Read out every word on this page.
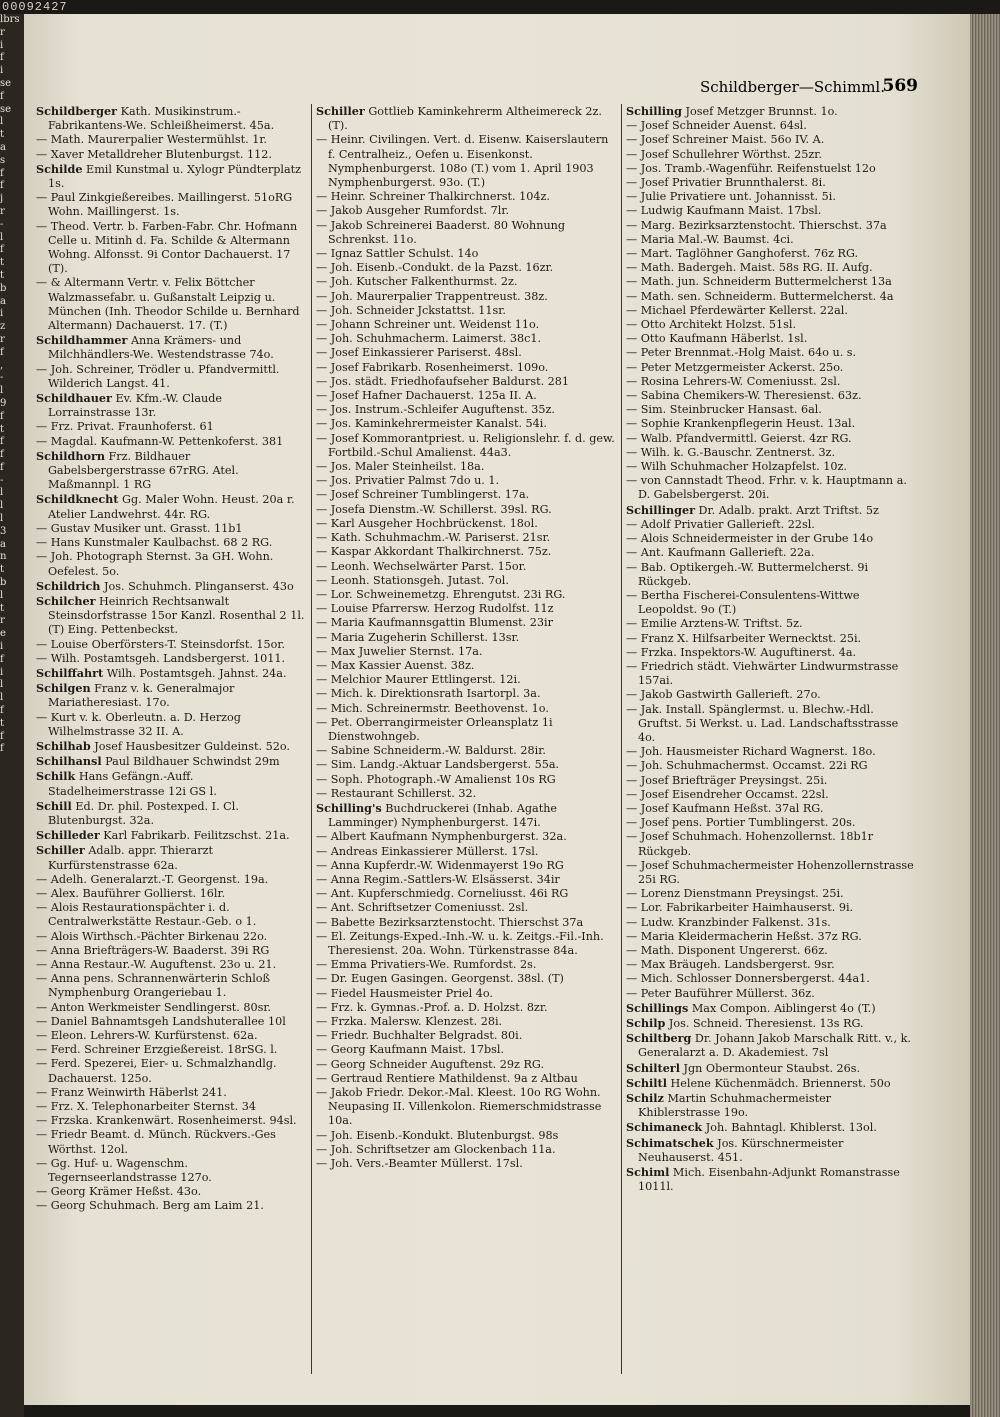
00092427
lbrs
r
i
f
i
se
f
se
l
t
a
s
f
f
j
r
-
l
f
t
t
b
a
i
z
r
f
,
-
l
9
f
t
f
f
f
-
l
l
l
3
a
n
t
b
l
t
r
e
i
f
i
l
l
f
t
f
f
Schildberger—Schimml.
569
Schildberger Kath. Musikinstrum.-Fabrikantens-We. Schleißheimerst. 45a.
— Math. Maurerpalier Westermühlst. 1r.
— Xaver Metalldreher Blutenburgst. 112.
Schilde Emil Kunstmal u. Xylogr Pündterplatz 1s.
— Paul Zinkgießereibes. Maillingerst. 51oRG Wohn. Maillingerst. 1s.
— Theod. Vertr. b. Farben-Fabr. Chr. Hofmann Celle u. Mitinh d. Fa. Schilde & Altermann Wohng. Alfonsst. 9i Contor Dachauerst. 17 (T).
— & Altermann Vertr. v. Felix Böttcher Walzmassefabr. u. Gußanstalt Leipzig u. München (Inh. Theodor Schilde u. Bernhard Altermann) Dachauerst. 17. (T.)
Schildhammer Anna Krämers- und Milchhändlers-We. Westendstrasse 74o.
— Joh. Schreiner, Trödler u. Pfandvermittl. Wilderich Langst. 41.
Schildhauer Ev. Kfm.-W. Claude Lorrainstrasse 13r.
— Frz. Privat. Fraunhoferst. 61
— Magdal. Kaufmann-W. Pettenkoferst. 381
Schildhorn Frz. Bildhauer Gabelsbergerstrasse 67rRG. Atel. Maßmannpl. 1 RG
Schildknecht Gg. Maler Wohn. Heust. 20a r. Atelier Landwehrst. 44r. RG.
— Gustav Musiker unt. Grasst. 11b1
— Hans Kunstmaler Kaulbachst. 68 2 RG.
— Joh. Photograph Sternst. 3a GH. Wohn. Oefelest. 5o.
Schildrich Jos. Schuhmch. Plinganserst. 43o
Schilcher Heinrich Rechtsanwalt Steinsdorfstrasse 15or Kanzl. Rosenthal 2 1l. (T) Eing. Pettenbeckst.
— Louise Oberförsters-T. Steinsdorfst. 15or.
— Wilh. Postamtsgeh. Landsbergerst. 1011.
Schilffahrt Wilh. Postamtsgeh. Jahnst. 24a.
Schilgen Franz v. k. Generalmajor Mariatheresiast. 17o.
— Kurt v. k. Oberleutn. a. D. Herzog Wilhelmstrasse 32 II. A.
Schilhab Josef Hausbesitzer Guldeinst. 52o.
Schilhansl Paul Bildhauer Schwindst 29m
Schilk Hans Gefängn.-Auff. Stadelheimerstrasse 12i GS l.
Schill Ed. Dr. phil. Postexped. I. Cl. Blutenburgst. 32a.
Schilleder Karl Fabrikarb. Feilitzschst. 21a.
Schiller Adalb. appr. Thierarzt Kurfürstenstrasse 62a.
— Adelh. Generalarzt.-T. Georgenst. 19a.
— Alex. Bauführer Gollierst. 16lr.
— Alois Restaurationspächter i. d. Centralwerkstätte Restaur.-Geb. o 1.
— Alois Wirthsch.-Pächter Birkenau 22o.
— Anna Briefträgers-W. Baaderst. 39i RG
— Anna Restaur.-W. Auguftenst. 23o u. 21.
— Anna pens. Schrannenwärterin Schloß Nymphenburg Orangeriebau 1.
— Anton Werkmeister Sendlingerst. 80sr.
— Daniel Bahnamtsgeh Landshuterallee 10l
— Eleon. Lehrers-W. Kurfürstenst. 62a.
— Ferd. Schreiner Erzgießereist. 18rSG. l.
— Ferd. Spezerei, Eier- u. Schmalzhandlg. Dachauerst. 125o.
— Franz Weinwirth Häberlst 241.
— Frz. X. Telephonarbeiter Sternst. 34
— Frzska. Krankenwärt. Rosenheimerst. 94sl.
— Friedr Beamt. d. Münch. Rückvers.-Ges Wörthst. 12ol.
— Gg. Huf- u. Wagenschm. Tegernseerlandstrasse 127o.
— Georg Krämer Heßst. 43o.
— Georg Schuhmach. Berg am Laim 21.
Schiller Gottlieb Kaminkehrerm Altheimereck 2z. (T).
— Heinr. Civilingen. Vert. d. Eisenw. Kaiserslautern f. Centralheiz., Oefen u. Eisenkonst. Nymphenburgerst. 108o (T.) vom 1. April 1903 Nymphenburgerst. 93o. (T.)
— Heinr. Schreiner Thalkirchnerst. 104z.
— Jakob Ausgeher Rumfordst. 7lr.
— Jakob Schreinerei Baaderst. 80 Wohnung Schrenkst. 11o.
— Ignaz Sattler Schulst. 14o
— Joh. Eisenb.-Condukt. de la Pazst. 16zr.
— Joh. Kutscher Falkenthurmst. 2z.
— Joh. Maurerpalier Trappentreust. 38z.
— Joh. Schneider Jckstattst. 11sr.
— Johann Schreiner unt. Weidenst 11o.
— Joh. Schuhmacherm. Laimerst. 38c1.
— Josef Einkassierer Pariserst. 48sl.
— Josef Fabrikarb. Rosenheimerst. 109o.
— Jos. städt. Friedhofaufseher Baldurst. 281
— Josef Hafner Dachauerst. 125a II. A.
— Jos. Instrum.-Schleifer Auguftenst. 35z.
— Jos. Kaminkehrermeister Kanalst. 54i.
— Josef Kommorantpriest. u. Religionslehr. f. d. gew. Fortbild.-Schul Amalienst. 44a3.
— Jos. Maler Steinheilst. 18a.
— Jos. Privatier Palmst 7do u. 1.
— Josef Schreiner Tumblingerst. 17a.
— Josefa Dienstm.-W. Schillerst. 39sl. RG.
— Karl Ausgeher Hochbrückenst. 18ol.
— Kath. Schuhmachm.-W. Pariserst. 21sr.
— Kaspar Akkordant Thalkirchnerst. 75z.
— Leonh. Wechselwärter Parst. 15or.
— Leonh. Stationsgeh. Jutast. 7ol.
— Lor. Schweinemetzg. Ehrengutst. 23i RG.
— Louise Pfarrersw. Herzog Rudolfst. 11z
— Maria Kaufmannsgattin Blumenst. 23ir
— Maria Zugeherin Schillerst. 13sr.
— Max Juwelier Sternst. 17a.
— Max Kassier Auenst. 38z.
— Melchior Maurer Ettlingerst. 12i.
— Mich. k. Direktionsrath Isartorpl. 3a.
— Mich. Schreinermstr. Beethovenst. 1o.
— Pet. Oberrangirmeister Orleansplatz 1i Dienstwohngeb.
— Sabine Schneiderm.-W. Baldurst. 28ir.
— Sim. Landg.-Aktuar Landsbergerst. 55a.
— Soph. Photograph.-W Amalienst 10s RG
— Restaurant Schillerst. 32.
Schilling's Buchdruckerei (Inhab. Agathe Lamminger) Nymphenburgerst. 147i.
— Albert Kaufmann Nymphenburgerst. 32a.
— Andreas Einkassierer Müllerst. 17sl.
— Anna Kupferdr.-W. Widenmayerst 19o RG
— Anna Regim.-Sattlers-W. Elsässerst. 34ir
— Ant. Kupferschmiedg. Corneliusst. 46i RG
— Ant. Schriftsetzer Comeniusst. 2sl.
— Babette Bezirksarztenstocht. Thierschst 37a
— El. Zeitungs-Exped.-Inh.-W. u. k. Zeitgs.-Fil.-Inh. Theresienst. 20a. Wohn. Türkenstrasse 84a.
— Emma Privatiers-We. Rumfordst. 2s.
— Dr. Eugen Gasingen. Georgenst. 38sl. (T)
— Fiedel Hausmeister Priel 4o.
— Frz. k. Gymnas.-Prof. a. D. Holzst. 8zr.
— Frzka. Malersw. Klenzest. 28i.
— Friedr. Buchhalter Belgradst. 80i.
— Georg Kaufmann Maist. 17bsl.
— Georg Schneider Auguftenst. 29z RG.
— Gertraud Rentiere Mathildenst. 9a z Altbau
— Jakob Friedr. Dekor.-Mal. Kleest. 10o RG Wohn. Neupasing II. Villenkolon. Riemerschmidstrasse 10a.
— Joh. Eisenb.-Kondukt. Blutenburgst. 98s
— Joh. Schriftsetzer am Glockenbach 11a.
— Joh. Vers.-Beamter Müllerst. 17sl.
Schilling Josef Metzger Brunnst. 1o.
— Josef Schneider Auenst. 64sl.
— Josef Schreiner Maist. 56o IV. A.
— Josef Schullehrer Wörthst. 25zr.
— Jos. Tramb.-Wagenführ. Reifenstuelst 12o
— Josef Privatier Brunnthalerst. 8i.
— Julie Privatiere unt. Johannisst. 5i.
— Ludwig Kaufmann Maist. 17bsl.
— Marg. Bezirksarztenstocht. Thierschst. 37a
— Maria Mal.-W. Baumst. 4ci.
— Mart. Taglöhner Ganghoferst. 76z RG.
— Math. Badergeh. Maist. 58s RG. II. Aufg.
— Math. jun. Schneiderm Buttermelcherst 13a
— Math. sen. Schneiderm. Buttermelcherst. 4a
— Michael Pferdewärter Kellerst. 22al.
— Otto Architekt Holzst. 51sl.
— Otto Kaufmann Häberlst. 1sl.
— Peter Brennmat.-Holg Maist. 64o u. s.
— Peter Metzgermeister Ackerst. 25o.
— Rosina Lehrers-W. Comeniusst. 2sl.
— Sabina Chemikers-W. Theresienst. 63z.
— Sim. Steinbrucker Hansast. 6al.
— Sophie Krankenpflegerin Heust. 13al.
— Walb. Pfandvermittl. Geierst. 4zr RG.
— Wilh. k. G.-Bauschr. Zentnerst. 3z.
— Wilh Schuhmacher Holzapfelst. 10z.
— von Cannstadt Theod. Frhr. v. k. Hauptmann a. D. Gabelsbergerst. 20i.
Schillinger Dr. Adalb. prakt. Arzt Triftst. 5z
— Adolf Privatier Gallerieft. 22sl.
— Alois Schneidermeister in der Grube 14o
— Ant. Kaufmann Gallerieft. 22a.
— Bab. Optikergeh.-W. Buttermelcherst. 9i Rückgeb.
— Bertha Fischerei-Consulentens-Wittwe Leopoldst. 9o (T.)
— Emilie Arztens-W. Triftst. 5z.
— Franz X. Hilfsarbeiter Wernecktst. 25i.
— Frzka. Inspektors-W. Auguftinerst. 4a.
— Friedrich städt. Viehwärter Lindwurmstrasse 157ai.
— Jakob Gastwirth Gallerieft. 27o.
— Jak. Install. Spänglermst. u. Blechw.-Hdl. Gruftst. 5i Werkst. u. Lad. Landschaftsstrasse 4o.
— Joh. Hausmeister Richard Wagnerst. 18o.
— Joh. Schuhmachermst. Occamst. 22i RG
— Josef Briefträger Preysingst. 25i.
— Josef Eisendreher Occamst. 22sl.
— Josef Kaufmann Heßst. 37al RG.
— Josef pens. Portier Tumblingerst. 20s.
— Josef Schuhmach. Hohenzollernst. 18b1r Rückgeb.
— Josef Schuhmachermeister Hohenzollernstrasse 25i RG.
— Lorenz Dienstmann Preysingst. 25i.
— Lor. Fabrikarbeiter Haimhauserst. 9i.
— Ludw. Kranzbinder Falkenst. 31s.
— Maria Kleidermacherin Heßst. 37z RG.
— Math. Disponent Ungererst. 66z.
— Max Bräugeh. Landsbergerst. 9sr.
— Mich. Schlosser Donnersbergerst. 44a1.
— Peter Bauführer Müllerst. 36z.
Schillings Max Compon. Aiblingerst 4o (T.)
Schilp Jos. Schneid. Theresienst. 13s RG.
Schiltberg Dr. Johann Jakob Marschalk Ritt. v., k. Generalarzt a. D. Akademiest. 7sl
Schilterl Jgn Obermonteur Staubst. 26s.
Schiltl Helene Küchenmädch. Briennerst. 50o
Schilz Martin Schuhmachermeister Khiblerstrasse 19o.
Schimaneck Joh. Bahntagl. Khiblerst. 13ol.
Schimatschek Jos. Kürschnermeister Neuhauserst. 451.
Schiml Mich. Eisenbahn-Adjunkt Romanstrasse 1011l.
